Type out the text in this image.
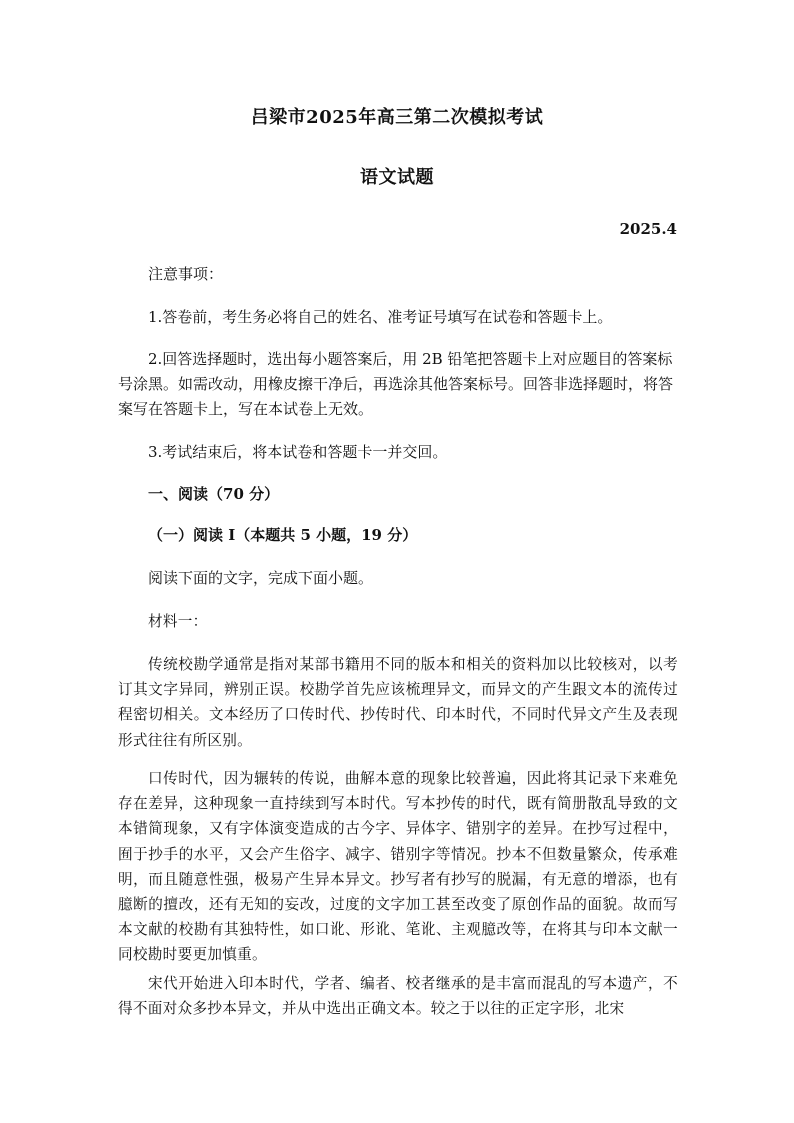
吕梁市2025年高三第二次模拟考试
语文试题
2025.4
注意事项：
1.答卷前，考生务必将自己的姓名、准考证号填写在试卷和答题卡上。
2.回答选择题时，选出每小题答案后，用 2B 铅笔把答题卡上对应题目的答案标号涂黑。如需改动，用橡皮擦干净后，再选涂其他答案标号。回答非选择题时，将答案写在答题卡上，写在本试卷上无效。
3.考试结束后，将本试卷和答题卡一并交回。
一、阅读（70 分）
（一）阅读 I（本题共 5 小题，19 分）
阅读下面的文字，完成下面小题。
材料一：
传统校勘学通常是指对某部书籍用不同的版本和相关的资料加以比较核对，以考订其文字异同，辨别正误。校勘学首先应该梳理异文，而异文的产生跟文本的流传过程密切相关。文本经历了口传时代、抄传时代、印本时代，不同时代异文产生及表现形式往往有所区别。
口传时代，因为辗转的传说，曲解本意的现象比较普遍，因此将其记录下来难免存在差异，这种现象一直持续到写本时代。写本抄传的时代，既有简册散乱导致的文本错简现象，又有字体演变造成的古今字、异体字、错别字的差异。在抄写过程中，囿于抄手的水平，又会产生俗字、减字、错别字等情况。抄本不但数量繁众，传承难明，而且随意性强，极易产生异本异文。抄写者有抄写的脱漏，有无意的增添，也有臆断的擅改，还有无知的妄改，过度的文字加工甚至改变了原创作品的面貌。故而写本文献的校勘有其独特性，如口讹、形讹、笔讹、主观臆改等，在将其与印本文献一同校勘时要更加慎重。
宋代开始进入印本时代，学者、编者、校者继承的是丰富而混乱的写本遗产，不得不面对众多抄本异文，并从中选出正确文本。较之于以往的正定字形，北宋
